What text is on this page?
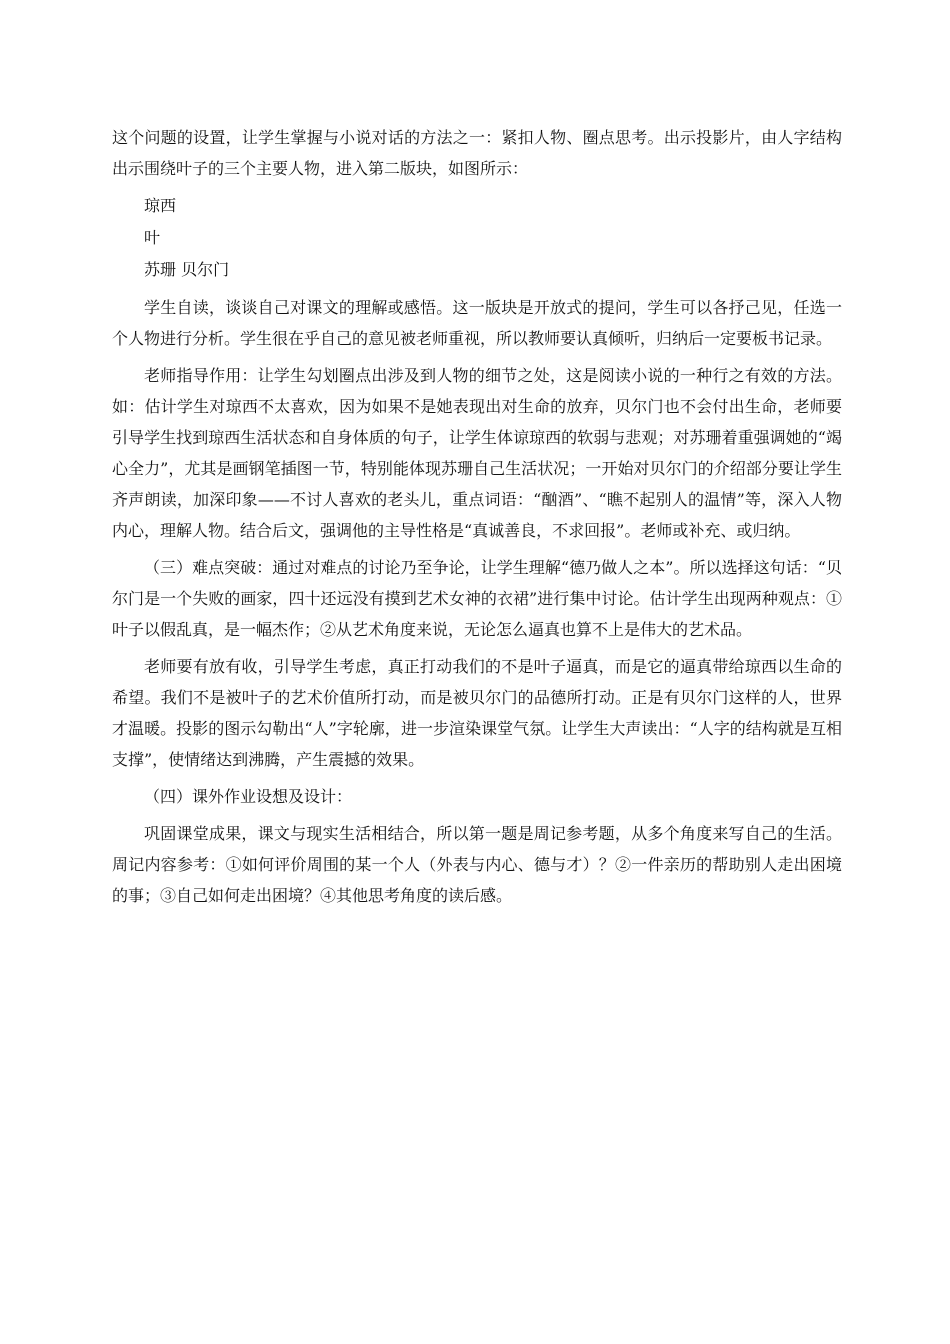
这个问题的设置，让学生掌握与小说对话的方法之一：紧扣人物、圈点思考。出示投影片，由人字结构出示围绕叶子的三个主要人物，进入第二版块，如图所示：

琼西
叶
苏珊 贝尔门

学生自读，谈谈自己对课文的理解或感悟。这一版块是开放式的提问，学生可以各抒己见，任选一个人物进行分析。学生很在乎自己的意见被老师重视，所以教师要认真倾听，归纳后一定要板书记录。

老师指导作用：让学生勾划圈点出涉及到人物的细节之处，这是阅读小说的一种行之有效的方法。如：估计学生对琼西不太喜欢，因为如果不是她表现出对生命的放弃，贝尔门也不会付出生命，老师要引导学生找到琼西生活状态和自身体质的句子，让学生体谅琼西的软弱与悲观；对苏珊着重强调她的“竭心全力”，尤其是画钢笔插图一节，特别能体现苏珊自己生活状况；一开始对贝尔门的介绍部分要让学生齐声朗读，加深印象——不讨人喜欢的老头儿，重点词语：“酗酒”、“瞧不起别人的温情”等，深入人物内心，理解人物。结合后文，强调他的主导性格是“真诚善良，不求回报”。老师或补充、或归纳。

（三）难点突破：通过对难点的讨论乃至争论，让学生理解“德乃做人之本”。所以选择这句话：“贝尔门是一个失败的画家，四十还远没有摸到艺术女神的衣裙”进行集中讨论。估计学生出现两种观点：①叶子以假乱真，是一幅杰作；②从艺术角度来说，无论怎么逼真也算不上是伟大的艺术品。

老师要有放有收，引导学生考虑，真正打动我们的不是叶子逼真，而是它的逼真带给琼西以生命的希望。我们不是被叶子的艺术价值所打动，而是被贝尔门的品德所打动。正是有贝尔门这样的人，世界才温暖。投影的图示勾勒出“人”字轮廓，进一步渲染课堂气氛。让学生大声读出：“人字的结构就是互相支撑”，使情绪达到沸腾，产生震撼的效果。

（四）课外作业设想及设计：

巩固课堂成果，课文与现实生活相结合，所以第一题是周记参考题，从多个角度来写自己的生活。周记内容参考：①如何评价周围的某一个人（外表与内心、德与才）？②一件亲历的帮助别人走出困境的事；③自己如何走出困境？④其他思考角度的读后感。
